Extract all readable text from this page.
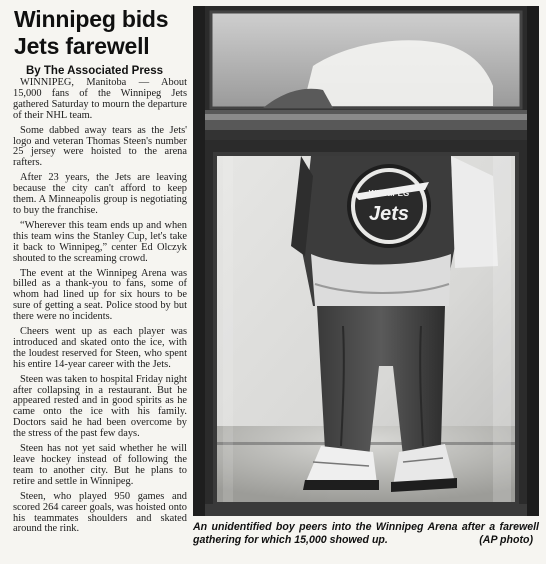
Winnipeg bids Jets farewell
By The Associated Press

WINNIPEG, Manitoba — About 15,000 fans of the Winnipeg Jets gathered Saturday to mourn the departure of their NHL team.

Some dabbed away tears as the Jets' logo and veteran Thomas Steen's number 25 jersey were hoisted to the arena rafters.

After 23 years, the Jets are leaving because the city can't afford to keep them. A Minneapolis group is negotiating to buy the franchise.

“Wherever this team ends up and when this team wins the Stanley Cup, let's take it back to Winnipeg,” center Ed Olczyk shouted to the screaming crowd.

The event at the Winnipeg Arena was billed as a thank-you to fans, some of whom had lined up for six hours to be sure of getting a seat. Police stood by but there were no incidents.

Cheers went up as each player was introduced and skated onto the ice, with the loudest reserved for Steen, who spent his entire 14-year career with the Jets.

Steen was taken to hospital Friday night after collapsing in a restaurant. But he appeared rested and in good spirits as he came onto the ice with his family. Doctors said he had been overcome by the stress of the past few days.

Steen has not yet said whether he will leave hockey instead of following the team to another city. But he plans to retire and settle in Winnipeg.

Steen, who played 950 games and scored 264 career goals, was hoisted onto his teammates shoulders and skated around the rink.

WINNIPEG
Jets
An unidentified boy peers into the Winnipeg Arena after a farewell gathering for which 15,000 showed up.	(AP photo)
